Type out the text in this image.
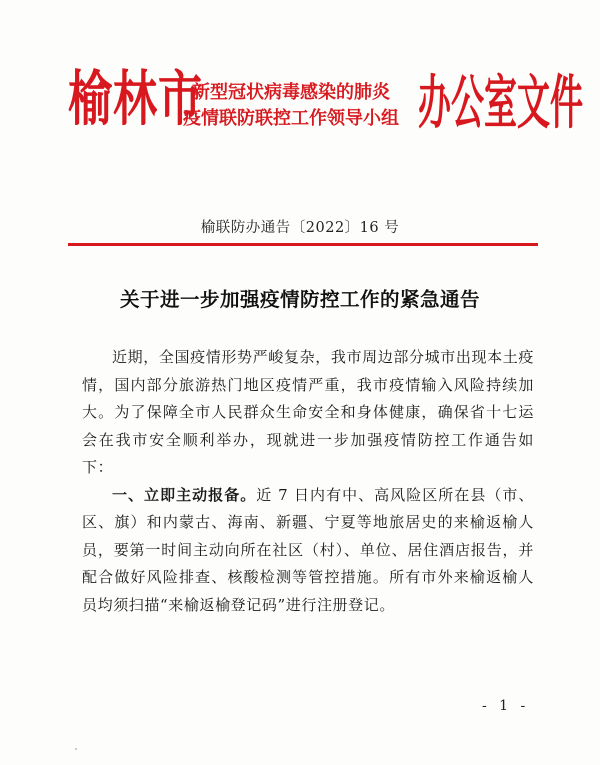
榆林市
新型冠状病毒感染的肺炎
疫情联防联控工作领导小组 办公室文件
榆联防办通告〔2022〕16 号
关于进一步加强疫情防控工作的紧急通告

近期，全国疫情形势严峻复杂，我市周边部分城市出现本土疫情，国内部分旅游热门地区疫情严重，我市疫情输入风险持续加大。为了保障全市人民群众生命安全和身体健康，确保省十七运会在我市安全顺利举办，现就进一步加强疫情防控工作通告如下：

一、立即主动报备。近 7 日内有中、高风险区所在县（市、区、旗）和内蒙古、海南、新疆、宁夏等地旅居史的来榆返榆人员，要第一时间主动向所在社区（村）、单位、居住酒店报告，并配合做好风险排查、核酸检测等管控措施。所有市外来榆返榆人员均须扫描“来榆返榆登记码”进行注册登记。

- 1 -
